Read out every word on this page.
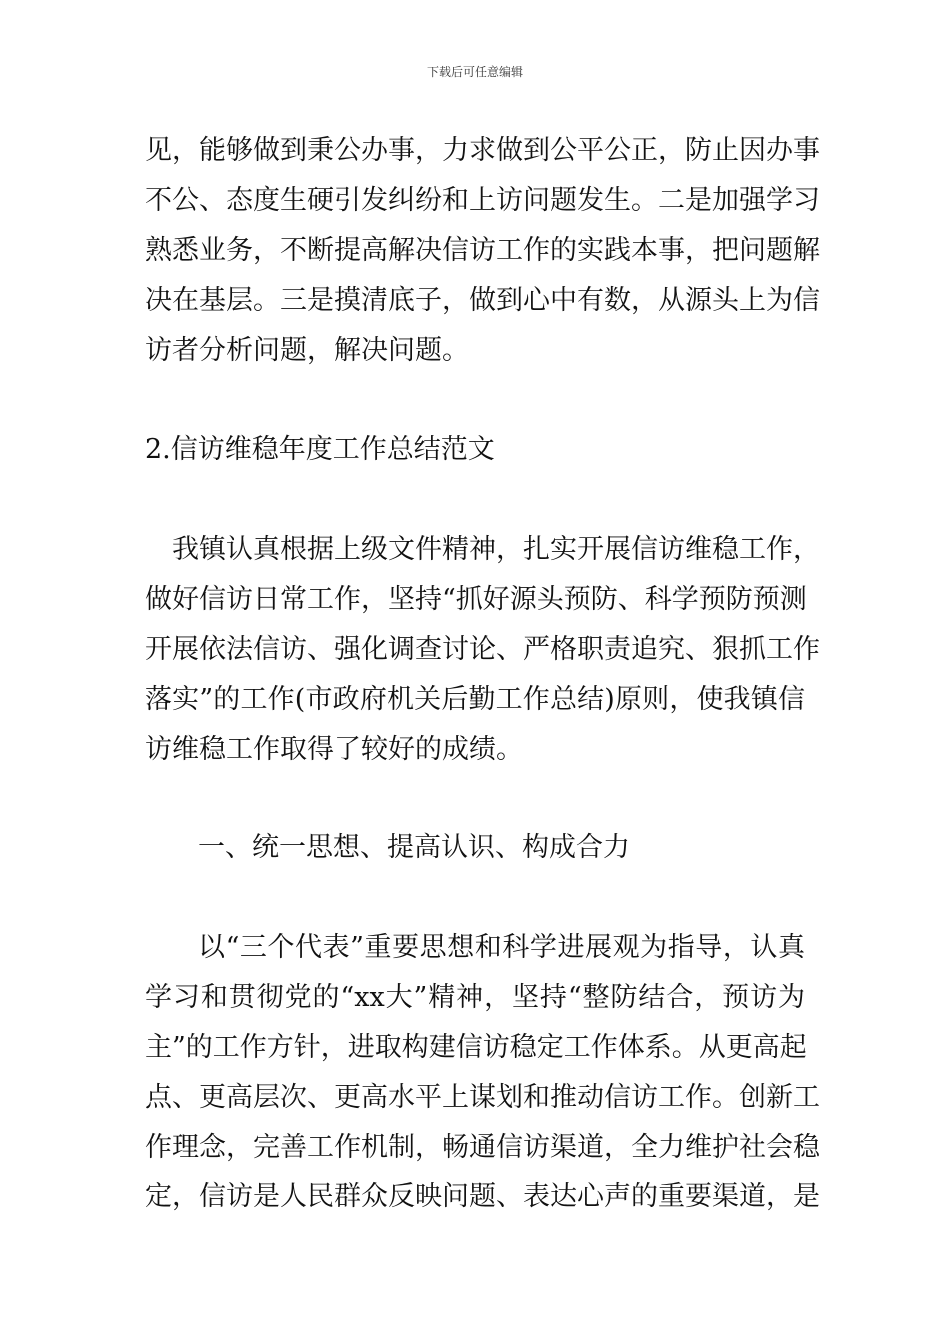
下载后可任意编辑
见，能够做到秉公办事，力求做到公平公正，防止因办事
不公、态度生硬引发纠纷和上访问题发生。二是加强学习
熟悉业务，不断提高解决信访工作的实践本事，把问题解
决在基层。三是摸清底子，做到心中有数，从源头上为信
访者分析问题，解决问题。
2.信访维稳年度工作总结范文
我镇认真根据上级文件精神，扎实开展信访维稳工作，
做好信访日常工作，坚持“抓好源头预防、科学预防预测
开展依法信访、强化调查讨论、严格职责追究、狠抓工作
落实”的工作(市政府机关后勤工作总结)原则，使我镇信
访维稳工作取得了较好的成绩。
一、统一思想、提高认识、构成合力
以“三个代表”重要思想和科学进展观为指导，认真
学习和贯彻党的“xx大”精神，坚持“整防结合，预访为
主”的工作方针，进取构建信访稳定工作体系。从更高起
点、更高层次、更高水平上谋划和推动信访工作。创新工
作理念，完善工作机制，畅通信访渠道，全力维护社会稳
定，信访是人民群众反映问题、表达心声的重要渠道，是
